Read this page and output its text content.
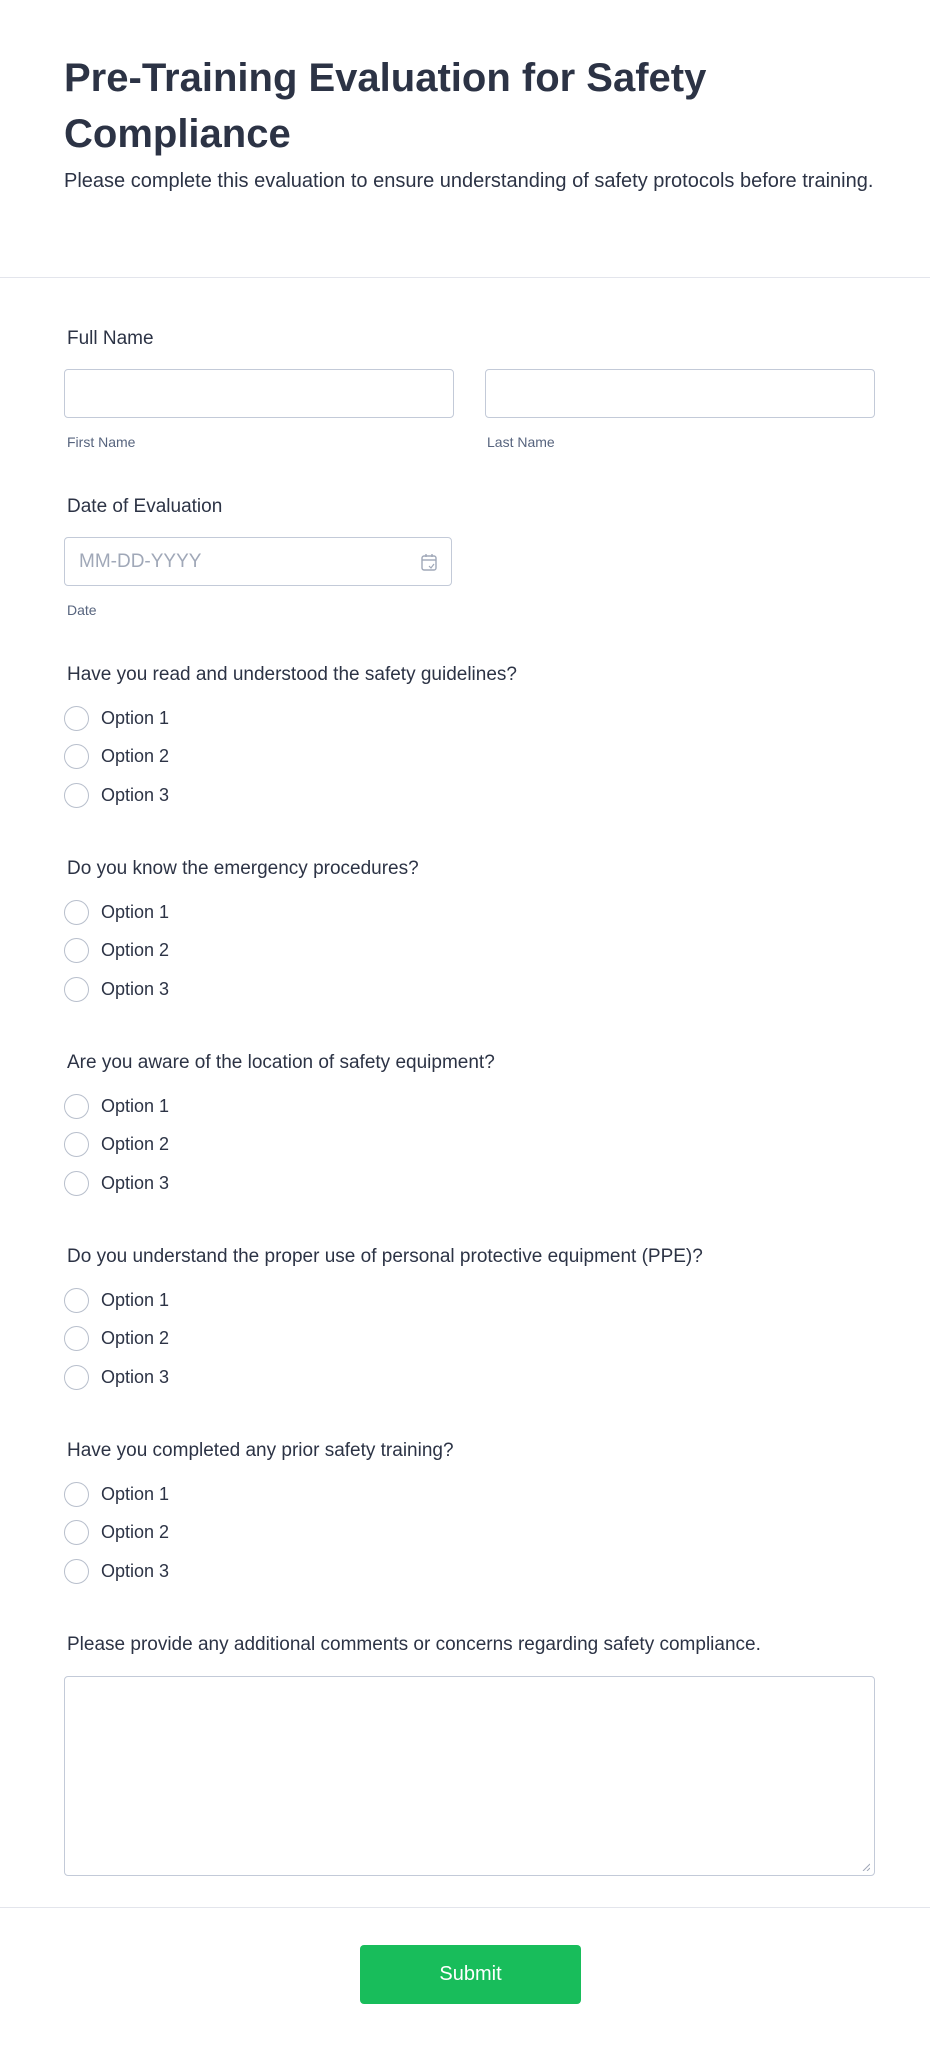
Pre-Training Evaluation for Safety Compliance

Please complete this evaluation to ensure understanding of safety protocols before training.

Full Name
First Name	Last Name
Date of Evaluation
MM-DD-YYYY
Date
Have you read and understood the safety guidelines?
Option 1
Option 2
Option 3
Do you know the emergency procedures?
Option 1
Option 2
Option 3
Are you aware of the location of safety equipment?
Option 1
Option 2
Option 3
Do you understand the proper use of personal protective equipment (PPE)?
Option 1
Option 2
Option 3
Have you completed any prior safety training?
Option 1
Option 2
Option 3
Please provide any additional comments or concerns regarding safety compliance.
Submit
